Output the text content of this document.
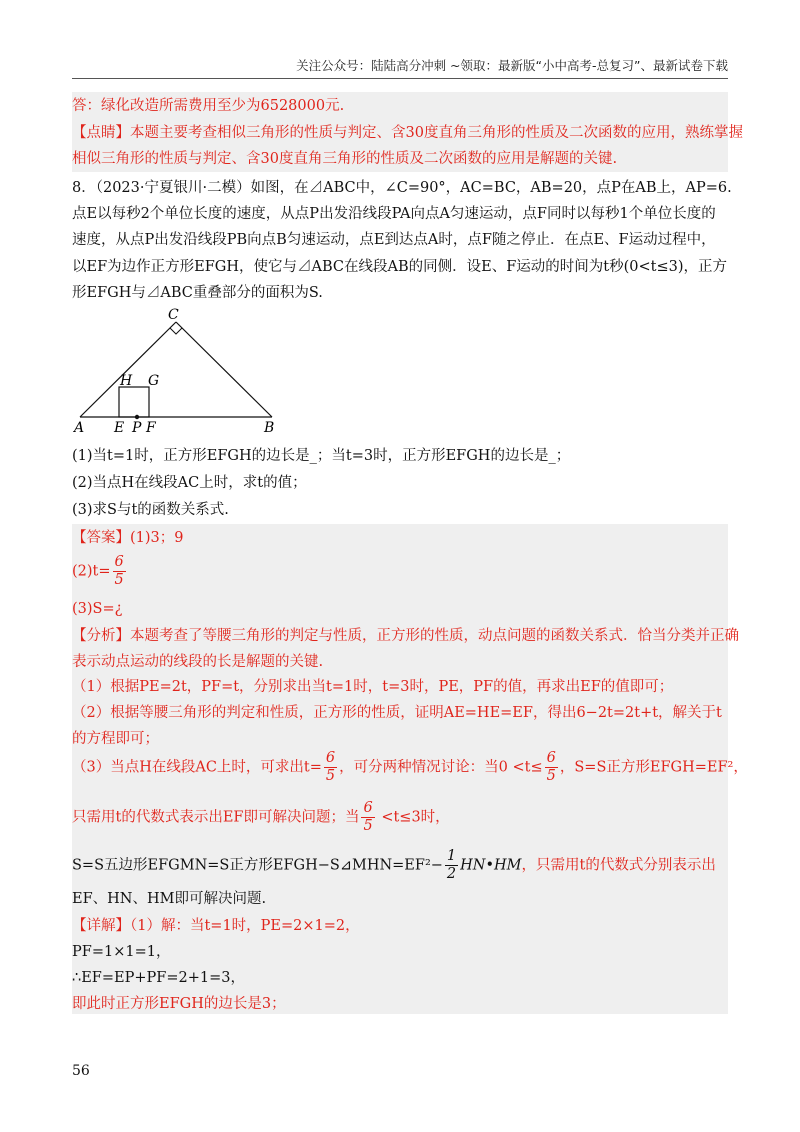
关注公众号：陆陆高分冲刺 ~领取：最新版“小中高考-总复习”、最新试卷下载
答：绿化改造所需费用至少为6528000元.
【点睛】本题主要考查相似三角形的性质与判定、含30度直角三角形的性质及二次函数的应用，熟练掌握
相似三角形的性质与判定、含30度直角三角形的性质及二次函数的应用是解题的关键.
8．（2023·宁夏银川·二模）如图，在⊿ABC中，∠C=90°，AC=BC，AB=20，点P在AB上，AP=6.
点E以每秒2个单位长度的速度，从点P出发沿线段PA向点A匀速运动，点F同时以每秒1个单位长度的
速度，从点P出发沿线段PB向点B匀速运动，点E到达点A时，点F随之停止．在点E、F运动过程中，
以EF为边作正方形EFGH，使它与⊿ABC在线段AB的同侧．设E、F运动的时间为t秒(0<t≤3)，正方
形EFGH与⊿ABC重叠部分的面积为S.
C
H G
A E P F	B
(1)当t=1时，正方形EFGH的边长是_；当t=3时，正方形EFGH的边长是_；
(2)当点H在线段AC上时，求t的值；
(3)求S与t的函数关系式.
【答案】(1)3；9
$(2)t= \frac{6}{5}$
(3)S=¿
【分析】本题考查了等腰三角形的判定与性质，正方形的性质，动点问题的函数关系式．恰当分类并正确
表示动点运动的线段的长是解题的关键.
（1）根据PE=2t，PF=t，分别求出当t=1时，t=3时，PE，PF的值，再求出EF的值即可；
（2）根据等腰三角形的判定和性质，正方形的性质，证明AE=HE=EF，得出6−2t=2t+t，解关于t
的方程即可；
（3）当点H在线段AC上时，可求出$t= \frac{6}{5}$ ，可分两种情况讨论：当$0 <t\le \frac{6}{5}$ ，S=S正方形EFGH=EF²，
只需用t的代数式表示出EF即可解决问题；当 $\frac{6}{5} <t\le 3$时，
S=S五边形EFGMN=S正方形EFGH−S⊿MHN=EF²− $\frac{1}{2}$ HN•HM，只需用t的代数式分别表示出
EF、HN、HM即可解决问题.
【详解】（1）解：当t=1时，PE=2×1=2，
PF=1×1=1，
∴EF=EP+PF=2+1=3，
即此时正方形EFGH的边长是3；
56
